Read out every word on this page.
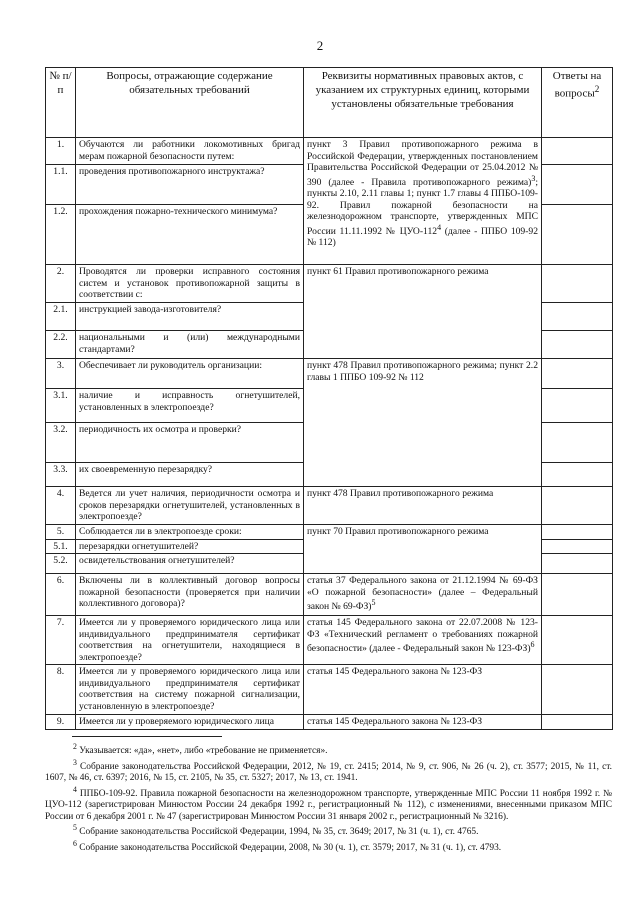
2
№ п/п	Вопросы, отражающие содержание обязательных требований	Реквизиты нормативных правовых актов, с указанием их структурных единиц, которыми установлены обязательные требования	Ответы на вопросы$^2$
1.	Обучаются ли работники локомотивных бригад мерам пожарной безопасности путем:	пункт 3 Правил противопожарного режима в Российской Федерации, утвержденных постановлением Правительства Российской Федерации от 25.04.2012 № 390 (далее - Правила противопожарного режима)$^3$; пункты 2.10, 2.11 главы 1; пункт 1.7 главы 4 ППБО-109-92. Правил пожарной безопасности на железнодорожном транспорте, утвержденных МПС России 11.11.1992 № ЦУО-$112^4$ (далее - ППБО 109-92 № 112)	
1.1.	проведения противопожарного инструктажа?		
1.2.	прохождения пожарно-технического минимума?		
2.	Проводятся ли проверки исправного состояния систем и установок противопожарной защиты в соответствии с:	пункт 61 Правил противопожарного режима	
2.1.	инструкцией завода-изготовителя?		
2.2.	национальными и (или) международными стандартами?		
3.	Обеспечивает ли руководитель организации:	пункт 478 Правил противопожарного режима; пункт 2.2 главы 1 ППБО 109-92 № 112	
3.1.	наличие и исправность огнетушителей, установленных в электропоезде?		
3.2.	периодичность их осмотра и проверки?		
3.3.	их своевременную перезарядку?		
4.	Ведется ли учет наличия, периодичности осмотра и сроков перезарядки огнетушителей, установленных в электропоезде?	пункт 478 Правил противопожарного режима	
5.	Соблюдается ли в электропоезде сроки:	пункт 70 Правил противопожарного режима	
5.1.	перезарядки огнетушителей?		
5.2.	освидетельствования огнетушителей?		
6.	Включены ли в коллективный договор вопросы пожарной безопасности (проверяется при наличии коллективного договора)?	статья 37 Федерального закона от 21.12.1994 № 69-ФЗ «О пожарной безопасности» (далее – Федеральный закон № 69-ФЗ)$^5$	
7.	Имеется ли у проверяемого юридического лица или индивидуального предпринимателя сертификат соответствия на огнетушители, находящиеся в электропоезде?	статья 145 Федерального закона от 22.07.2008 № 123-ФЗ «Технический регламент о требованиях пожарной безопасности» (далее - Федеральный закон № 123-ФЗ)$^6$	
8.	Имеется ли у проверяемого юридического лица или индивидуального предпринимателя сертификат соответствия на систему пожарной сигнализации, установленную в электропоезде?	статья 145 Федерального закона № 123-ФЗ	
9.	Имеется ли у проверяемого юридического лица	статья 145 Федерального закона № 123-ФЗ	

$^2$ Указывается: «да», «нет», либо «требование не применяется».

$^3$ Собрание законодательства Российской Федерации, 2012, № 19, ст. 2415; 2014, № 9, ст. 906, № 26 (ч. 2), ст. 3577; 2015, № 11, ст. 1607, № 46, ст. 6397; 2016, № 15, ст. 2105, № 35, ст. 5327; 2017, № 13, ст. 1941.

$^4$ ППБО-109-92. Правила пожарной безопасности на железнодорожном транспорте, утвержденные МПС России 11 ноября 1992 г. № ЦУО-112 (зарегистрирован Минюстом России 24 декабря 1992 г., регистрационный № 112), с изменениями, внесенными приказом МПС России от 6 декабря 2001 г. № 47 (зарегистрирован Минюстом России 31 января 2002 г., регистрационный № 3216).

$^5$ Собрание законодательства Российской Федерации, 1994, № 35, ст. 3649; 2017, № 31 (ч. 1), ст. 4765.

$^6$ Собрание законодательства Российской Федерации, 2008, № 30 (ч. 1), ст. 3579; 2017, № 31 (ч. 1), ст. 4793.
